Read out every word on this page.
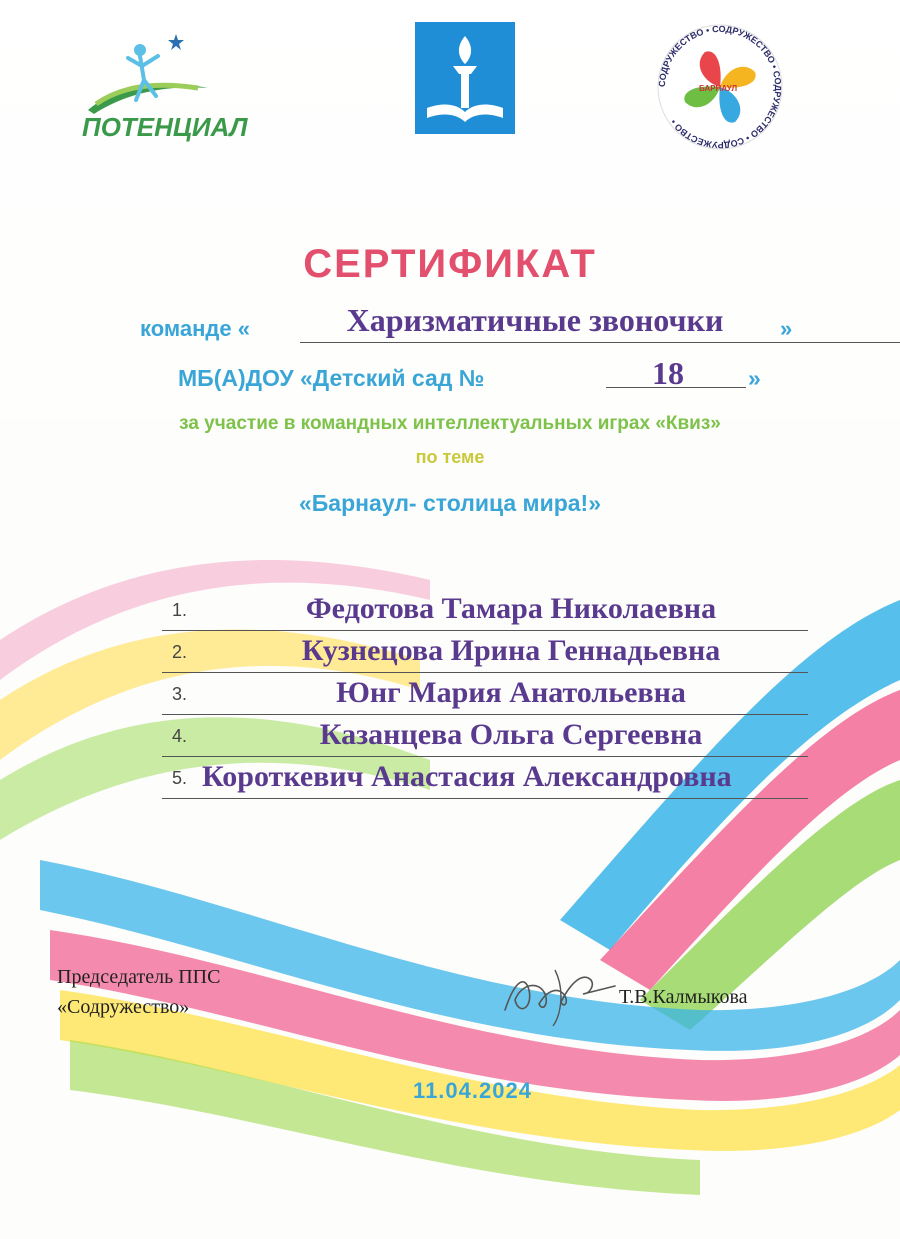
ПОТЕНЦИАЛ
СОДРУЖЕСТВО • СОДРУЖЕСТВО • СОДРУЖЕСТВО • СОДРУЖЕСТВО •
БАРНАУЛ
СЕРТИФИКАТ
команде «	Харизматичные звоночки	»
МБ(А)ДОУ «Детский сад №	18	»
за участие в командных интеллектуальных играх «Квиз»
по теме
«Барнаул- столица мира!»
1.	Федотова Тамара Николаевна
2.	Кузнецова Ирина Геннадьевна
3.	Юнг Мария Анатольевна
4.	Казанцева Ольга Сергеевна
5. Короткевич Анастасия Александровна
Председатель ППС
«Содружество»	Т.В.Калмыкова
11.04.2024
